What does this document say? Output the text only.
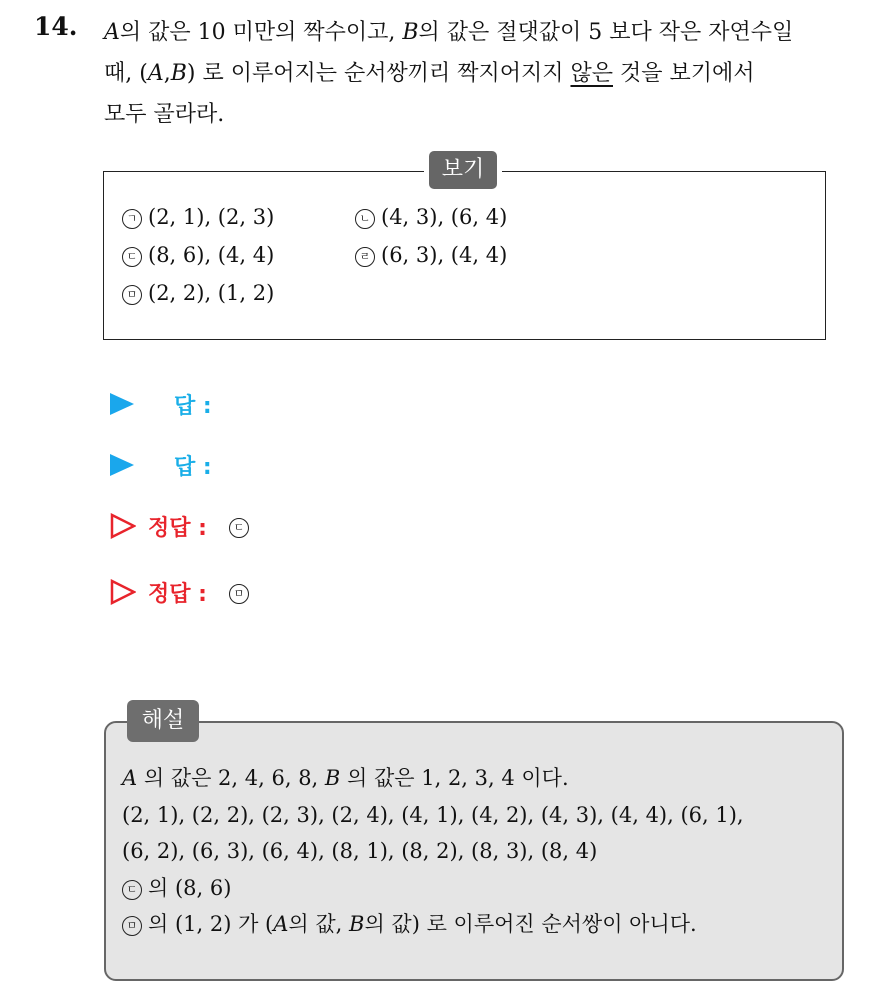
14. A의 값은 10 미만의 짝수이고, B의 값은 절댓값이 5 보다 작은 자연수일
때, (A,B) 로 이루어지는 순서쌍끼리 짝지어지지 않은 것을 보기에서
모두 골라라.
보기
ㄱ (2, 1), (2, 3)	ㄴ (4, 3), (6, 4)
ㄷ (8, 6), (4, 4)	ㄹ (6, 3), (4, 4)
ㅁ (2, 2), (1, 2)
답 :
답 :
정답 :	ㄷ
정답 :	ㅁ
해설
A 의 값은 2, 4, 6, 8, B 의 값은 1, 2, 3, 4 이다.
(2, 1), (2, 2), (2, 3), (2, 4), (4, 1), (4, 2), (4, 3), (4, 4), (6, 1),
(6, 2), (6, 3), (6, 4), (8, 1), (8, 2), (8, 3), (8, 4)
ㄷ 의 (8, 6)
ㅁ 의 (1, 2) 가 (A의 값, B의 값) 로 이루어진 순서쌍이 아니다.
